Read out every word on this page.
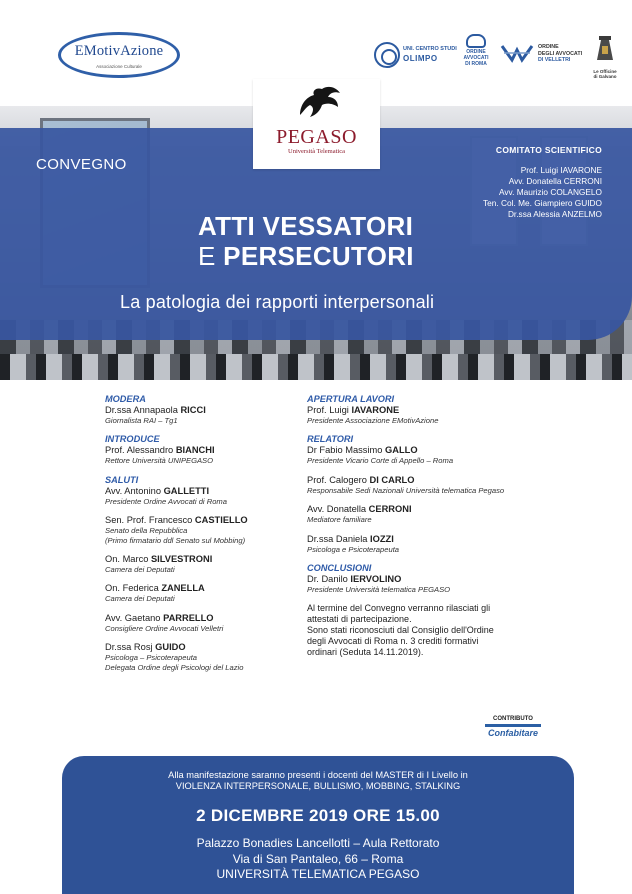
EMotivAzione
Associazione Culturale
UNI. CENTRO STUDI
OLIMPO
ORDINE
AVVOCATI
DI ROMA
ORDINE
DEGLI AVVOCATI
DI VELLETRI
Le Officine
di Galvano
PEGASO
Università Telematica
CONVEGNO
COMITATO SCIENTIFICO
Prof. Luigi IAVARONE
Avv. Donatella CERRONI
Avv. Maurizio COLANGELO
Ten. Col. Me. Giampiero GUIDO
Dr.ssa Alessia ANZELMO
ATTI VESSATORI
E PERSECUTORI
La patologia dei rapporti interpersonali
MODERA
Dr.ssa Annapaola RICCI
Giornalista RAI – Tg1
INTRODUCE
Prof. Alessandro BIANCHI
Rettore Università UNIPEGASO
SALUTI
Avv. Antonino GALLETTI
Presidente Ordine Avvocati di Roma
Sen. Prof. Francesco CASTIELLO
Senato della Repubblica
(Primo firmatario ddl Senato sul Mobbing)
On. Marco SILVESTRONI
Camera dei Deputati
On. Federica ZANELLA
Camera dei Deputati
Avv. Gaetano PARRELLO
Consigliere Ordine Avvocati Velletri
Dr.ssa Rosj GUIDO
Psicologa – Psicoterapeuta
Delegata Ordine degli Psicologi del Lazio
APERTURA LAVORI
Prof. Luigi IAVARONE
Presidente Associazione EMotivAzione
RELATORI
Dr Fabio Massimo GALLO
Presidente Vicario Corte di Appello – Roma
Prof. Calogero DI CARLO
Responsabile Sedi Nazionali Università telematica Pegaso
Avv. Donatella CERRONI
Mediatore familiare
Dr.ssa Daniela IOZZI
Psicologa e Psicoterapeuta
CONCLUSIONI
Dr. Danilo IERVOLINO
Presidente Università telematica PEGASO
Al termine del Convegno verranno rilasciati gli
attestati di partecipazione.
Sono stati riconosciuti dal Consiglio dell'Ordine
degli Avvocati di Roma n. 3 crediti formativi
ordinari (Seduta 14.11.2019).
CONTRIBUTO
Confabitare
Alla manifestazione saranno presenti i docenti del MASTER di I Livello in
VIOLENZA INTERPERSONALE, BULLISMO, MOBBING, STALKING
2 DICEMBRE 2019 ORE 15.00
Palazzo Bonadies Lancellotti – Aula Rettorato
Via di San Pantaleo, 66 – Roma
UNIVERSITÀ TELEMATICA PEGASO
